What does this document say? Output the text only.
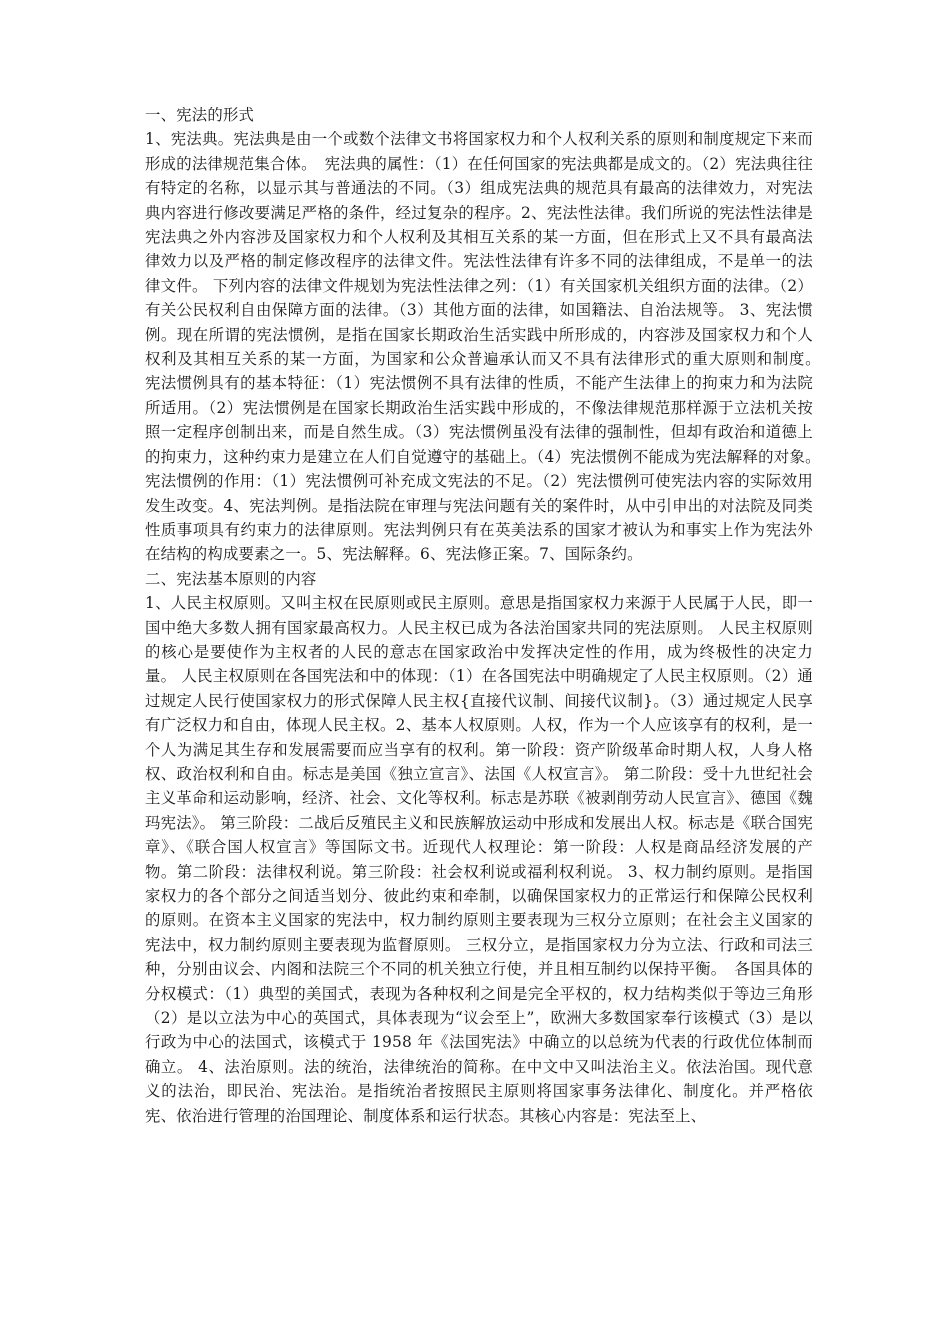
一、宪法的形式

1、宪法典。宪法典是由一个或数个法律文书将国家权力和个人权利关系的原则和制度规定下来而形成的法律规范集合体。　宪法典的属性：（1）在任何国家的宪法典都是成文的。（2）宪法典往往有特定的名称，以显示其与普通法的不同。（3）组成宪法典的规范具有最高的法律效力，对宪法典内容进行修改要满足严格的条件，经过复杂的程序。2、宪法性法律。我们所说的宪法性法律是宪法典之外内容涉及国家权力和个人权利及其相互关系的某一方面，但在形式上又不具有最高法律效力以及严格的制定修改程序的法律文件。宪法性法律有许多不同的法律组成，不是单一的法律文件。 下列内容的法律文件规划为宪法性法律之列：（1）有关国家机关组织方面的法律。（2）有关公民权利自由保障方面的法律。（3）其他方面的法律，如国籍法、自治法规等。 3、宪法惯例。现在所谓的宪法惯例，是指在国家长期政治生活实践中所形成的，内容涉及国家权力和个人权利及其相互关系的某一方面，为国家和公众普遍承认而又不具有法律形式的重大原则和制度。　宪法惯例具有的基本特征：（1）宪法惯例不具有法律的性质，不能产生法律上的拘束力和为法院所适用。（2）宪法惯例是在国家长期政治生活实践中形成的，不像法律规范那样源于立法机关按照一定程序创制出来，而是自然生成。（3）宪法惯例虽没有法律的强制性，但却有政治和道德上的拘束力，这种约束力是建立在人们自觉遵守的基础上。（4）宪法惯例不能成为宪法解释的对象。　宪法惯例的作用：（1）宪法惯例可补充成文宪法的不足。（2）宪法惯例可使宪法内容的实际效用发生改变。4、宪法判例。是指法院在审理与宪法问题有关的案件时，从中引申出的对法院及同类性质事项具有约束力的法律原则。宪法判例只有在英美法系的国家才被认为和事实上作为宪法外在结构的构成要素之一。5、宪法解释。6、宪法修正案。7、国际条约。

二、宪法基本原则的内容

1、人民主权原则。又叫主权在民原则或民主原则。意思是指国家权力来源于人民属于人民，即一国中绝大多数人拥有国家最高权力。人民主权已成为各法治国家共同的宪法原则。 人民主权原则的核心是要使作为主权者的人民的意志在国家政治中发挥决定性的作用，成为终极性的决定力量。 人民主权原则在各国宪法和中的体现：（1）在各国宪法中明确规定了人民主权原则。（2）通过规定人民行使国家权力的形式保障人民主权{直接代议制、间接代议制}。（3）通过规定人民享有广泛权力和自由，体现人民主权。2、基本人权原则。人权，作为一个人应该享有的权利，是一个人为满足其生存和发展需要而应当享有的权利。第一阶段：资产阶级革命时期人权，人身人格权、政治权利和自由。标志是美国《独立宣言》、法国《人权宣言》。 第二阶段：受十九世纪社会主义革命和运动影响，经济、社会、文化等权利。标志是苏联《被剥削劳动人民宣言》、德国《魏玛宪法》。 第三阶段：二战后反殖民主义和民族解放运动中形成和发展出人权。标志是《联合国宪章》、《联合国人权宣言》等国际文书。近现代人权理论：第一阶段：人权是商品经济发展的产物。第二阶段：法律权利说。第三阶段：社会权利说或福利权利说。 3、权力制约原则。是指国家权力的各个部分之间适当划分、彼此约束和牵制，以确保国家权力的正常运行和保障公民权利的原则。在资本主义国家的宪法中，权力制约原则主要表现为三权分立原则；在社会主义国家的宪法中，权力制约原则主要表现为监督原则。 三权分立，是指国家权力分为立法、行政和司法三种，分别由议会、内阁和法院三个不同的机关独立行使，并且相互制约以保持平衡。　各国具体的分权模式：（1）典型的美国式，表现为各种权利之间是完全平权的，权力结构类似于等边三角形（2）是以立法为中心的英国式，具体表现为“议会至上”，欧洲大多数国家奉行该模式（3）是以行政为中心的法国式，该模式于 1958 年《法国宪法》中确立的以总统为代表的行政优位体制而确立。 4、法治原则。法的统治，法律统治的简称。在中文中又叫法治主义。依法治国。现代意义的法治，即民治、宪法治。是指统治者按照民主原则将国家事务法律化、制度化。并严格依宪、依治进行管理的治国理论、制度体系和运行状态。其核心内容是：宪法至上、
